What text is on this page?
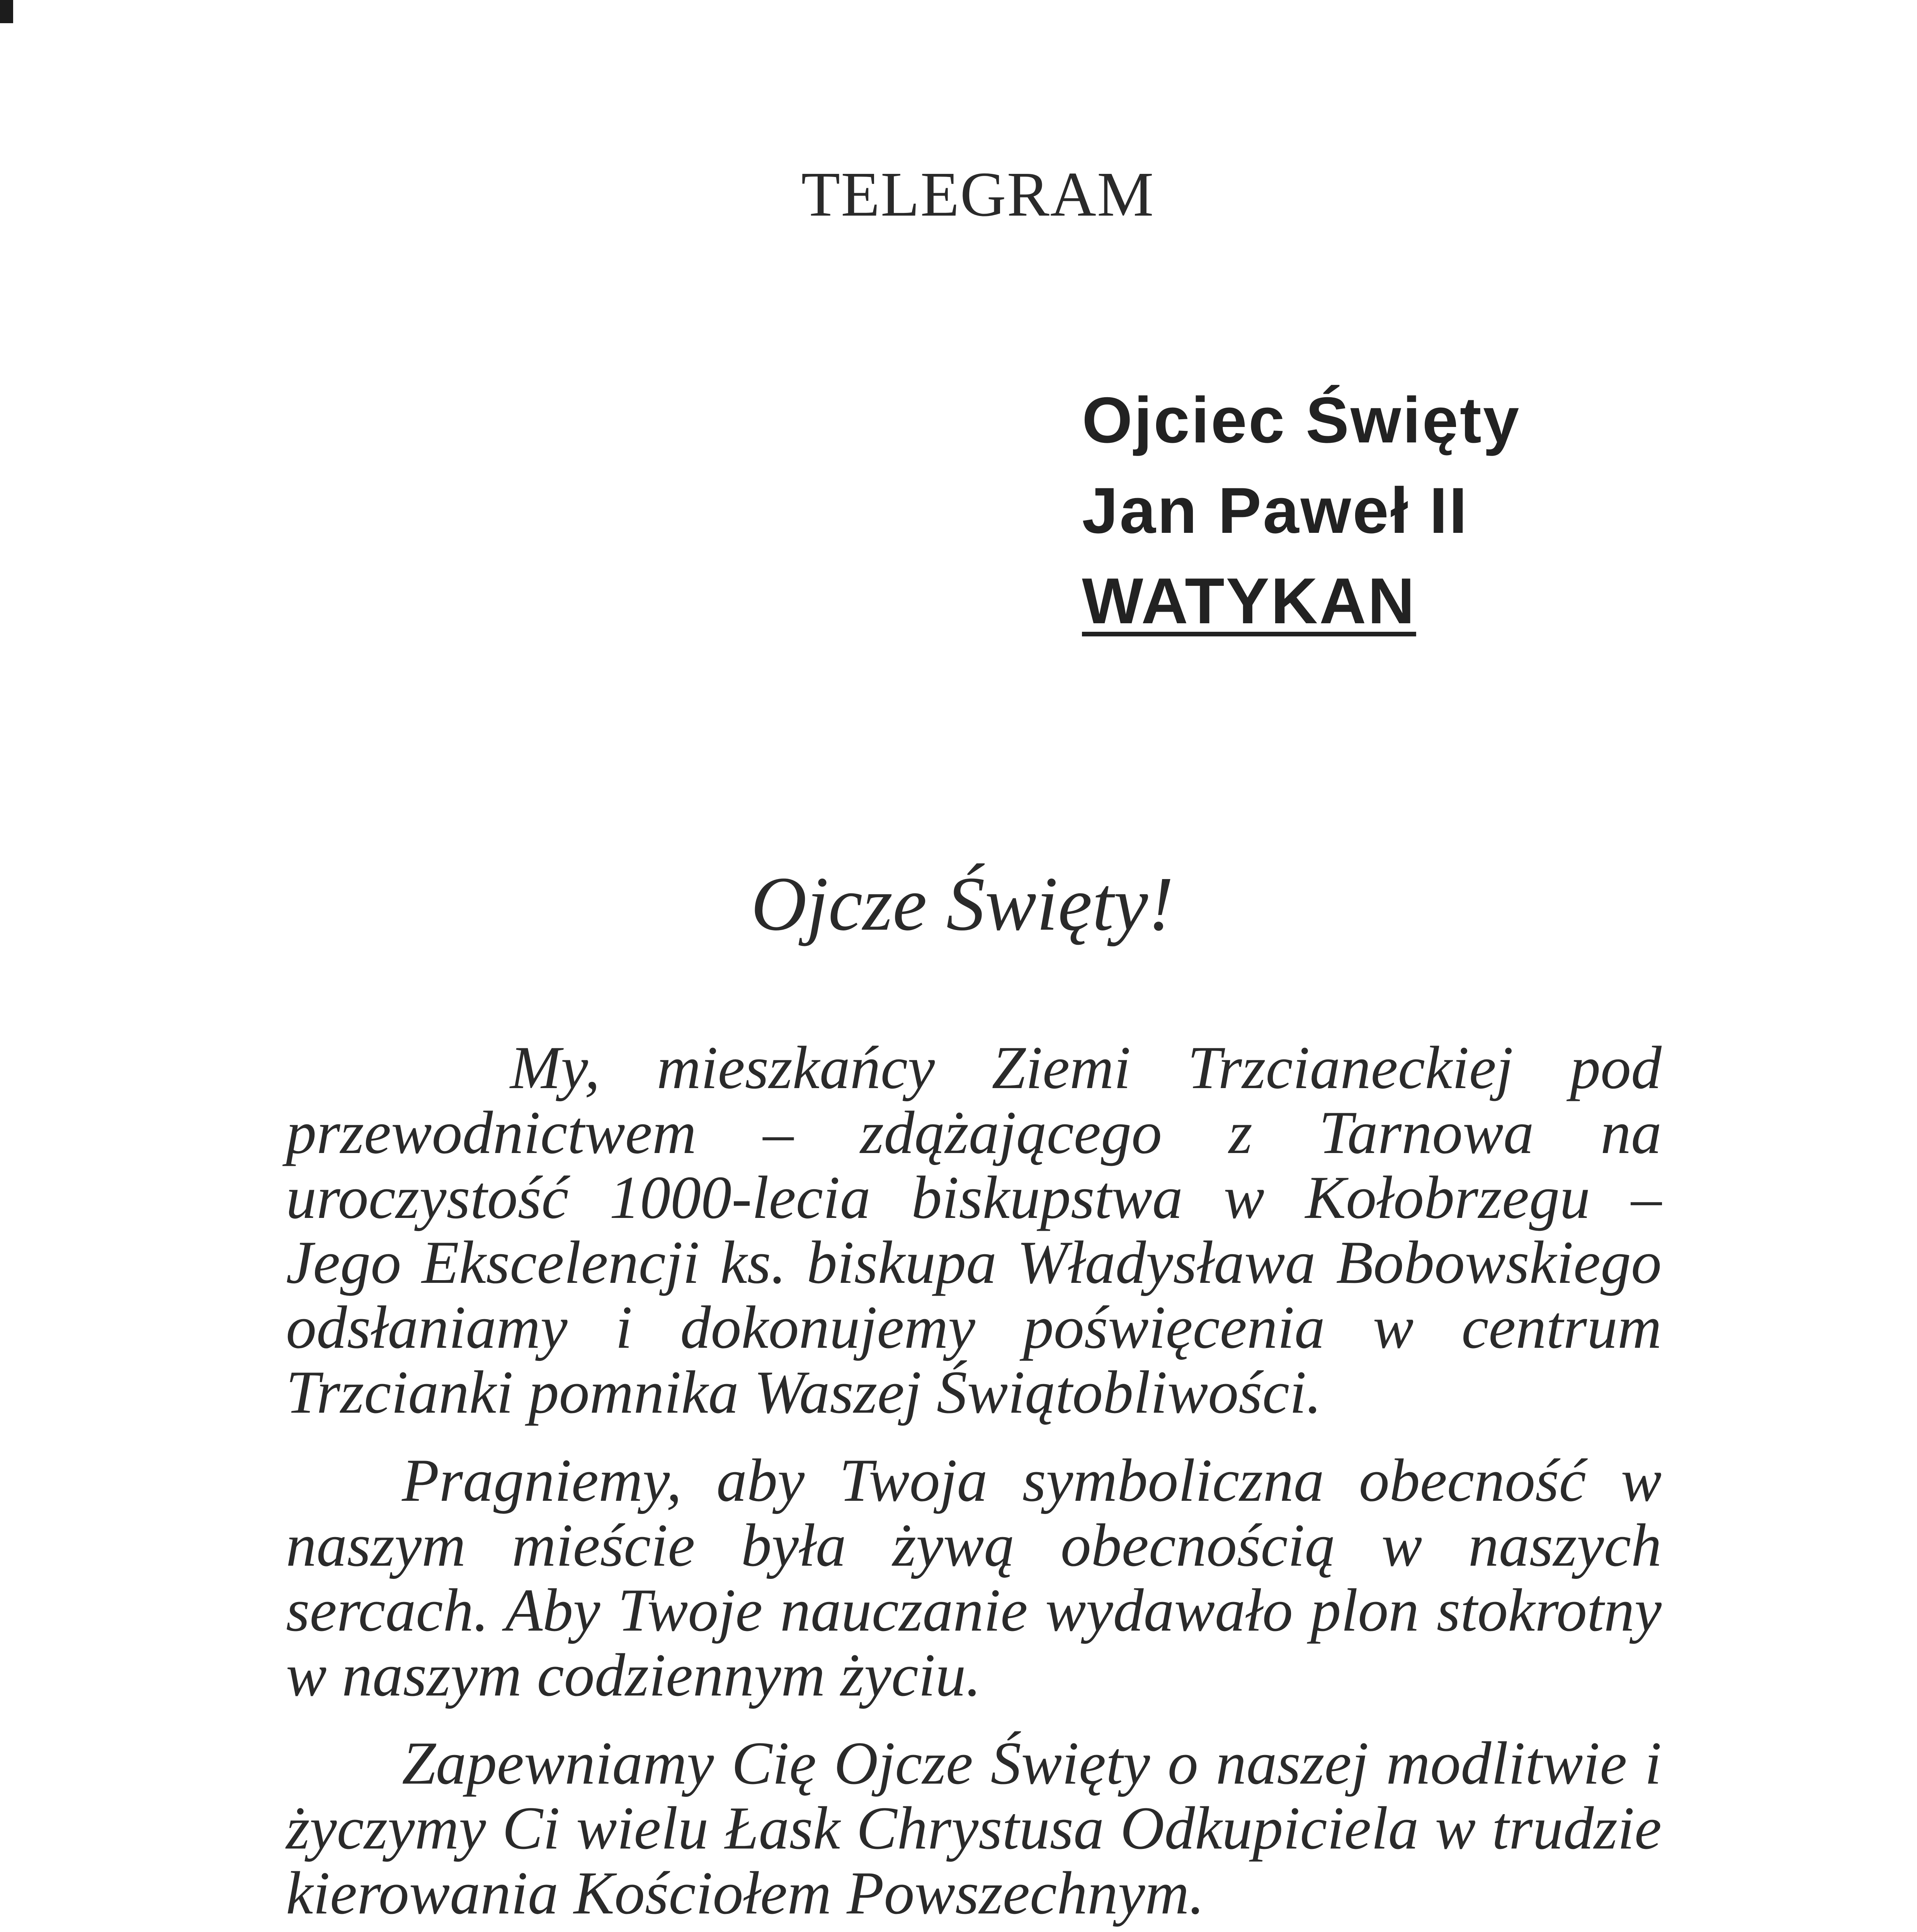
TELEGRAM
Ojciec Święty
Jan Paweł II
WATYKAN
Ojcze Święty!

My, mieszkańcy Ziemi Trzcianeckiej pod przewodnictwem – zdążającego z Tarnowa na uroczystość 1000-lecia biskupstwa w Kołobrzegu – Jego Ekscelencji ks. biskupa Władysława Bobowskiego odsłaniamy i dokonujemy poświęcenia w centrum Trzcianki pomnika Waszej Świątobliwości.

Pragniemy, aby Twoja symboliczna obecność w naszym mieście była żywą obecnością w naszych sercach. Aby Twoje nauczanie wydawało plon stokrotny w naszym codziennym życiu.

Zapewniamy Cię Ojcze Święty o naszej modlitwie i życzymy Ci wielu Łask Chrystusa Odkupiciela w trudzie kierowania Kościołem Powszechnym.
